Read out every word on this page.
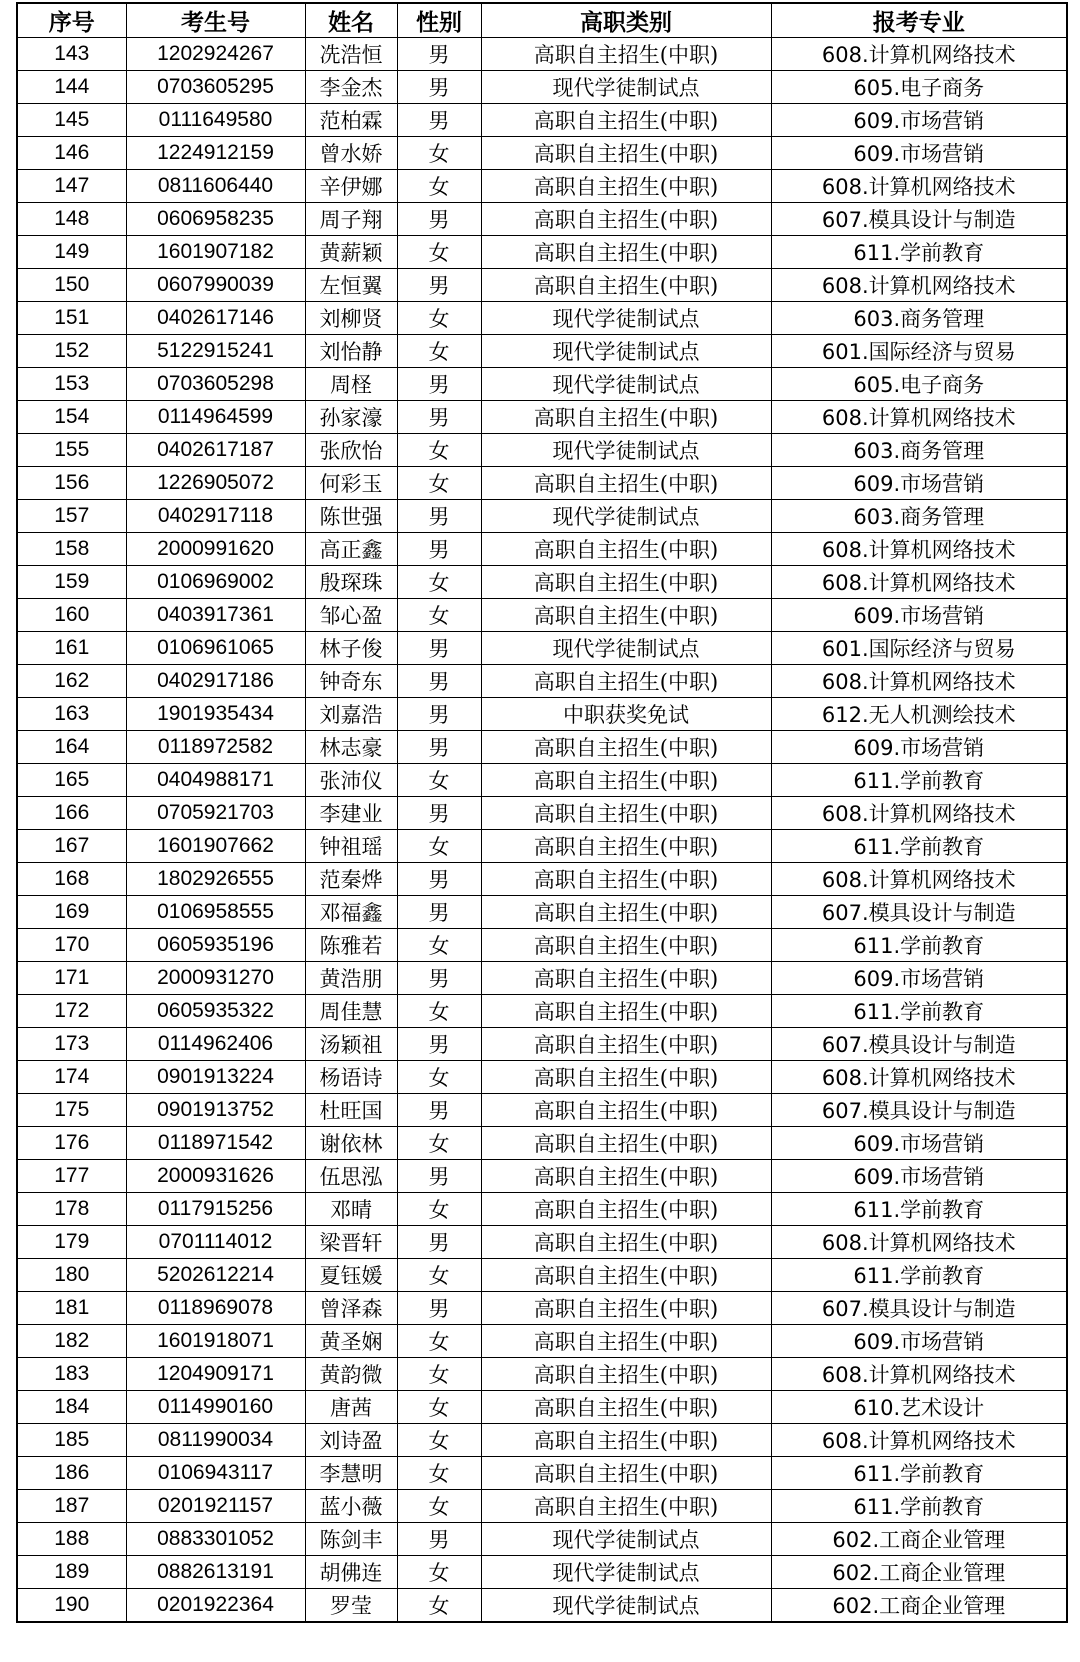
序号	考生号	姓名	性别	高职类别	报考专业
143	1202924267	冼浩恒	男	高职自主招生(中职)	608.计算机网络技术
144	0703605295	李金杰	男	现代学徒制试点	605.电子商务
145	0111649580	范柏霖	男	高职自主招生(中职)	609.市场营销
146	1224912159	曾水娇	女	高职自主招生(中职)	609.市场营销
147	0811606440	辛伊娜	女	高职自主招生(中职)	608.计算机网络技术
148	0606958235	周子翔	男	高职自主招生(中职)	607.模具设计与制造
149	1601907182	黄薪颖	女	高职自主招生(中职)	611.学前教育
150	0607990039	左恒翼	男	高职自主招生(中职)	608.计算机网络技术
151	0402617146	刘柳贤	女	现代学徒制试点	603.商务管理
152	5122915241	刘怡静	女	现代学徒制试点	601.国际经济与贸易
153	0703605298	周柽	男	现代学徒制试点	605.电子商务
154	0114964599	孙家濠	男	高职自主招生(中职)	608.计算机网络技术
155	0402617187	张欣怡	女	现代学徒制试点	603.商务管理
156	1226905072	何彩玉	女	高职自主招生(中职)	609.市场营销
157	0402917118	陈世强	男	现代学徒制试点	603.商务管理
158	2000991620	高正鑫	男	高职自主招生(中职)	608.计算机网络技术
159	0106969002	殷琛珠	女	高职自主招生(中职)	608.计算机网络技术
160	0403917361	邹心盈	女	高职自主招生(中职)	609.市场营销
161	0106961065	林子俊	男	现代学徒制试点	601.国际经济与贸易
162	0402917186	钟奇东	男	高职自主招生(中职)	608.计算机网络技术
163	1901935434	刘嘉浩	男	中职获奖免试	612.无人机测绘技术
164	0118972582	林志豪	男	高职自主招生(中职)	609.市场营销
165	0404988171	张沛仪	女	高职自主招生(中职)	611.学前教育
166	0705921703	李建业	男	高职自主招生(中职)	608.计算机网络技术
167	1601907662	钟祖瑶	女	高职自主招生(中职)	611.学前教育
168	1802926555	范秦烨	男	高职自主招生(中职)	608.计算机网络技术
169	0106958555	邓福鑫	男	高职自主招生(中职)	607.模具设计与制造
170	0605935196	陈雅若	女	高职自主招生(中职)	611.学前教育
171	2000931270	黄浩朋	男	高职自主招生(中职)	609.市场营销
172	0605935322	周佳慧	女	高职自主招生(中职)	611.学前教育
173	0114962406	汤颖祖	男	高职自主招生(中职)	607.模具设计与制造
174	0901913224	杨语诗	女	高职自主招生(中职)	608.计算机网络技术
175	0901913752	杜旺国	男	高职自主招生(中职)	607.模具设计与制造
176	0118971542	谢依林	女	高职自主招生(中职)	609.市场营销
177	2000931626	伍思泓	男	高职自主招生(中职)	609.市场营销
178	0117915256	邓晴	女	高职自主招生(中职)	611.学前教育
179	0701114012	梁晋轩	男	高职自主招生(中职)	608.计算机网络技术
180	5202612214	夏钰媛	女	高职自主招生(中职)	611.学前教育
181	0118969078	曾泽森	男	高职自主招生(中职)	607.模具设计与制造
182	1601918071	黄圣娴	女	高职自主招生(中职)	609.市场营销
183	1204909171	黄韵微	女	高职自主招生(中职)	608.计算机网络技术
184	0114990160	唐茜	女	高职自主招生(中职)	610.艺术设计
185	0811990034	刘诗盈	女	高职自主招生(中职)	608.计算机网络技术
186	0106943117	李慧明	女	高职自主招生(中职)	611.学前教育
187	0201921157	蓝小薇	女	高职自主招生(中职)	611.学前教育
188	0883301052	陈剑丰	男	现代学徒制试点	602.工商企业管理
189	0882613191	胡佛连	女	现代学徒制试点	602.工商企业管理
190	0201922364	罗莹	女	现代学徒制试点	602.工商企业管理
